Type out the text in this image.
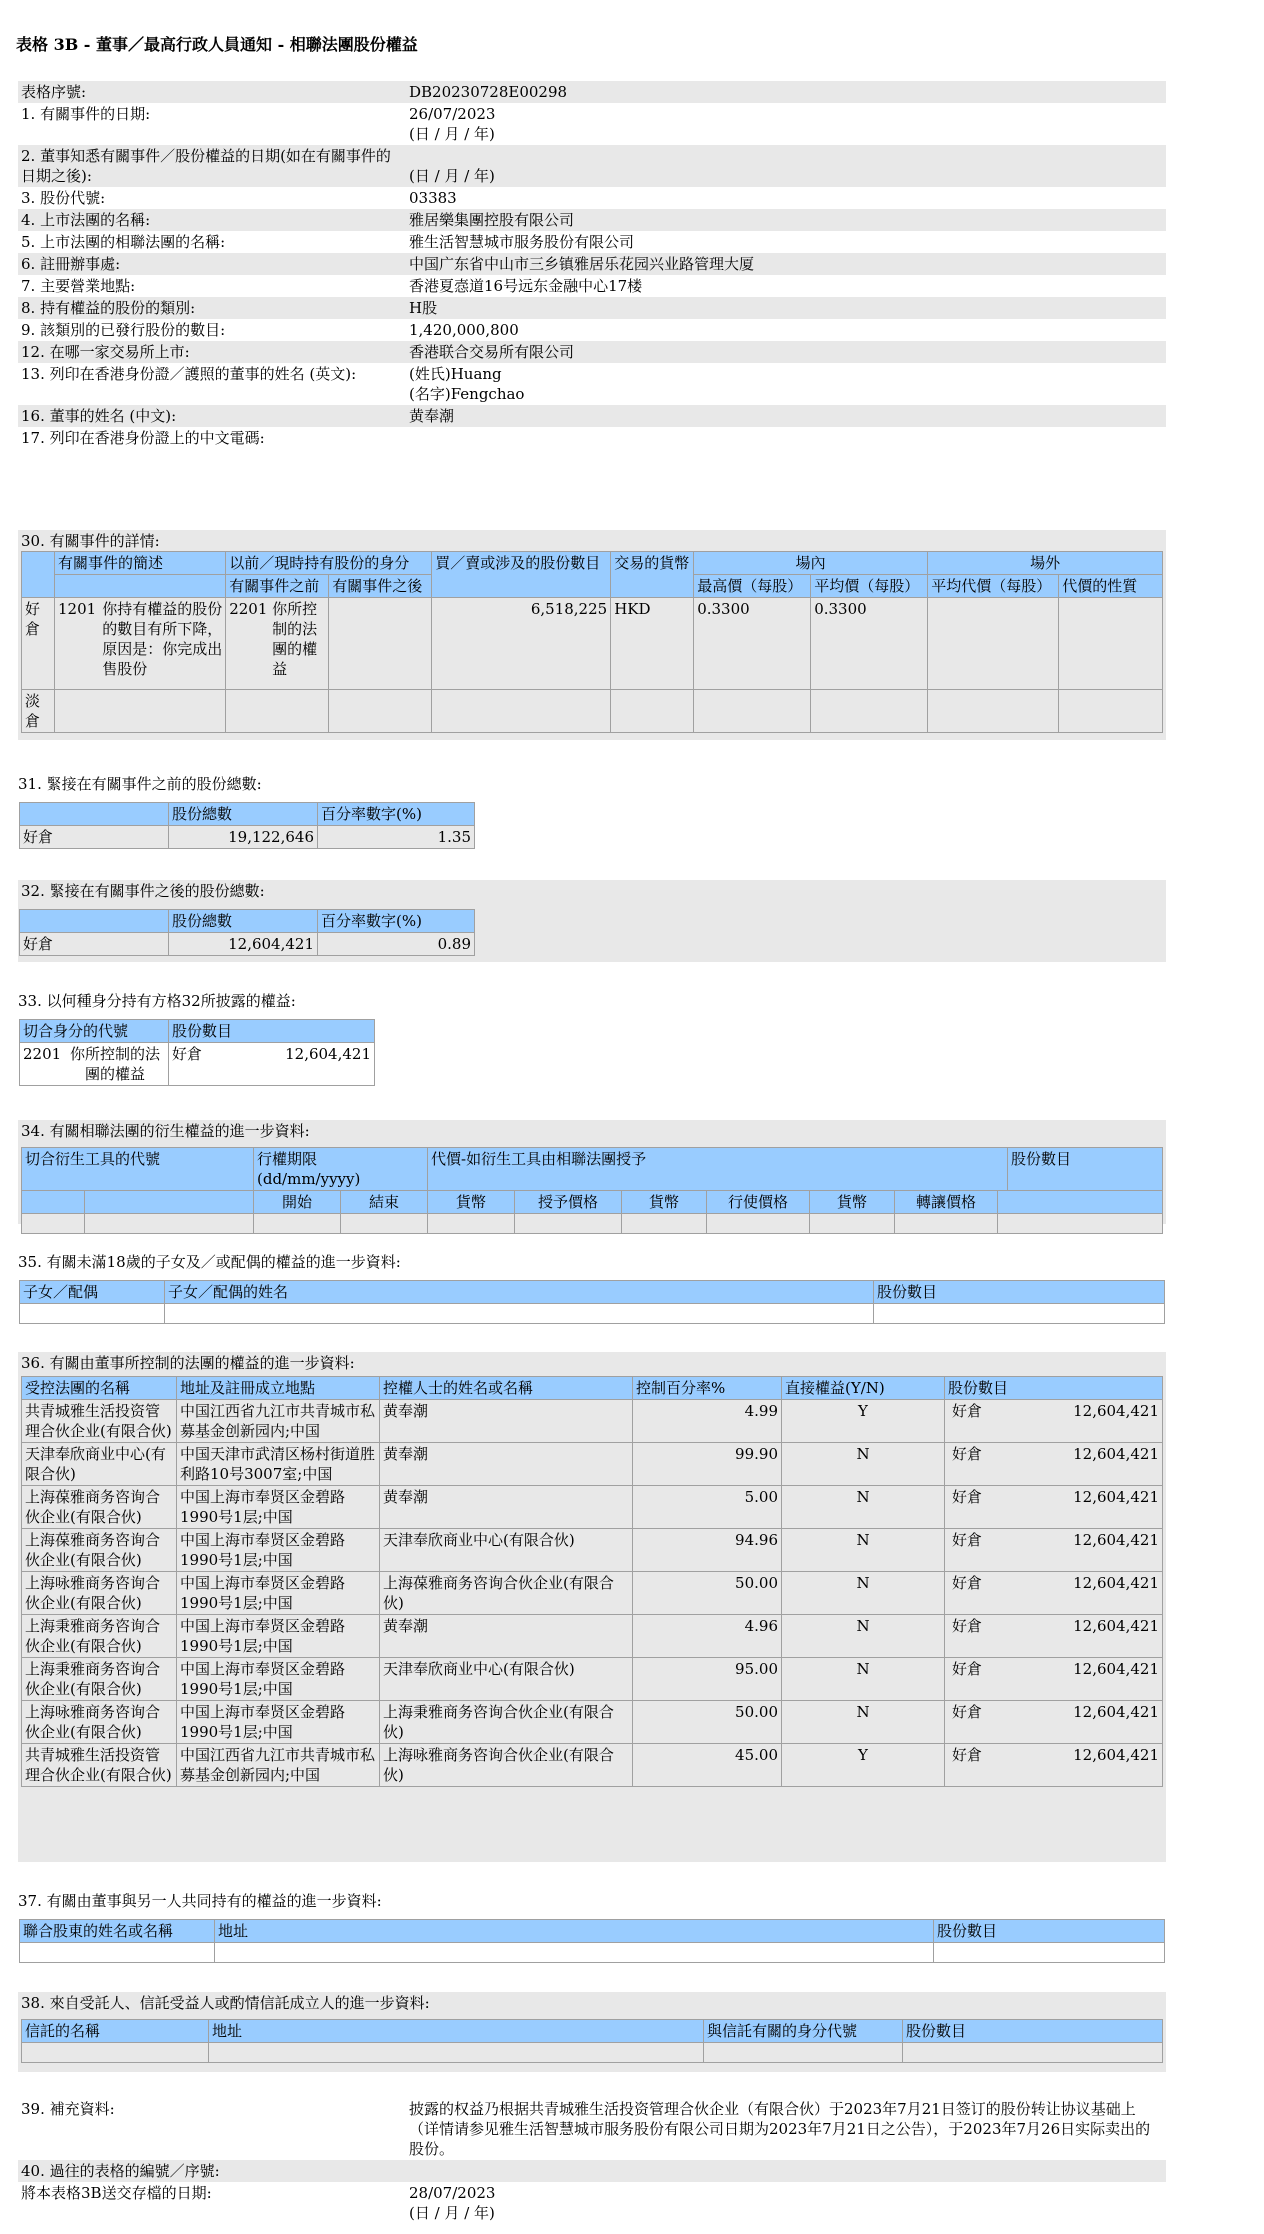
表格 3B - 董事／最高行政人員通知 - 相聯法團股份權益
表格序號:	DB20230728E00298
1. 有關事件的日期:	26/07/2023
(日 / 月 / 年)

2. 董事知悉有關事件／股份權益的日期(如在有關事件的日期之後):	(日 / 月 / 年)
3. 股份代號:	03383
4. 上市法團的名稱:	雅居樂集團控股有限公司
5. 上市法團的相聯法團的名稱:	雅生活智慧城市服务股份有限公司
6. 註冊辦事處:	中国广东省中山市三乡镇雅居乐花园兴业路管理大厦
7. 主要營業地點:	香港夏悫道16号远东金融中心17楼
8. 持有權益的股份的類別:	H股
9. 該類別的已發行股份的數目:	1,420,000,800
12. 在哪一家交易所上市:	香港联合交易所有限公司
13. 列印在香港身份證／護照的董事的姓名 (英文):	(姓氏)Huang
(名字)Fengchao

16. 董事的姓名 (中文):	黄奉潮
17. 列印在香港身份證上的中文電碼:	
30. 有關事件的詳情:
	有關事件的簡述		以前／現時持有股份的身分		買／賣或涉及的股份數目	交易的貨幣	場內		場外	
			有關事件之前	有關事件之後			最高價（每股）	平均價（每股）	平均代價（每股）	代價的性質
好倉	1201	你持有權益的股份的數目有所下降，原因是：你完成出售股份	2201 你所控制的法團的權益		6,518,225	HKD	0.3300	0.3300		
淡倉										
31. 緊接在有關事件之前的股份總數:
	股份總數	百分率數字(%)
好倉	19,122,646	1.35
32. 緊接在有關事件之後的股份總數:
	股份總數	百分率數字(%)
好倉	12,604,421	0.89
33. 以何種身分持有方格32所披露的權益:
切合身分的代號	股份數目
2201 你所控制的法團的權益	好倉 12,604,421
34. 有關相聯法團的衍生權益的進一步資料:
切合衍生工具的代號		行權期限 (dd/mm/yyyy)		代價-如衍生工具由相聯法團授予							股份數目
		開始	結束	貨幣	授予價格	貨幣	行使價格	貨幣	轉讓價格		

35. 有關未滿18歲的子女及／或配偶的權益的進一步資料:
子女／配偶	子女／配偶的姓名	股份數目

36. 有關由董事所控制的法團的權益的進一步資料:
受控法團的名稱	地址及註冊成立地點	控權人士的姓名或名稱	控制百分率%	直接權益(Y/N)	股份數目
共青城雅生活投资管理合伙企业(有限合伙)	中国江西省九江市共青城市私募基金创新园内;中国	黄奉潮	4.99	Y	好倉 12,604,421

天津奉欣商业中心(有限合伙)	中国天津市武清区杨村街道胜利路10号3007室;中国	黄奉潮	99.90	N	好倉 12,604,421

上海葆雅商务咨询合伙企业(有限合伙)	中国上海市奉贤区金碧路1990号1层;中国	黄奉潮	5.00	N	好倉 12,604,421

上海葆雅商务咨询合伙企业(有限合伙)	中国上海市奉贤区金碧路1990号1层;中国	天津奉欣商业中心(有限合伙)	94.96	N	好倉 12,604,421

上海咏雅商务咨询合伙企业(有限合伙)	中国上海市奉贤区金碧路1990号1层;中国	上海葆雅商务咨询合伙企业(有限合伙)	50.00	N	好倉 12,604,421

上海秉雅商务咨询合伙企业(有限合伙)	中国上海市奉贤区金碧路1990号1层;中国	黄奉潮	4.96	N	好倉 12,604,421

上海秉雅商务咨询合伙企业(有限合伙)	中国上海市奉贤区金碧路1990号1层;中国	天津奉欣商业中心(有限合伙)	95.00	N	好倉 12,604,421

上海咏雅商务咨询合伙企业(有限合伙)	中国上海市奉贤区金碧路1990号1层;中国	上海秉雅商务咨询合伙企业(有限合伙)	50.00	N	好倉 12,604,421

共青城雅生活投资管理合伙企业(有限合伙)	中国江西省九江市共青城市私募基金创新园内;中国	上海咏雅商务咨询合伙企业(有限合伙)	45.00	Y	好倉 12,604,421
37. 有關由董事與另一人共同持有的權益的進一步資料:
聯合股東的姓名或名稱	地址	股份數目

38. 來自受託人、信託受益人或酌情信託成立人的進一步資料:
信託的名稱	地址	與信託有關的身分代號	股份數目

39. 補充資料:	披露的权益乃根据共青城雅生活投资管理合伙企业（有限合伙）于2023年7月21日签订的股份转让协议基础上（详情请参见雅生活智慧城市服务股份有限公司日期为2023年7月21日之公告），于2023年7月26日实际卖出的股份。
40. 過往的表格的編號／序號:	
將本表格3B送交存檔的日期:	28/07/2023
(日 / 月 / 年)
